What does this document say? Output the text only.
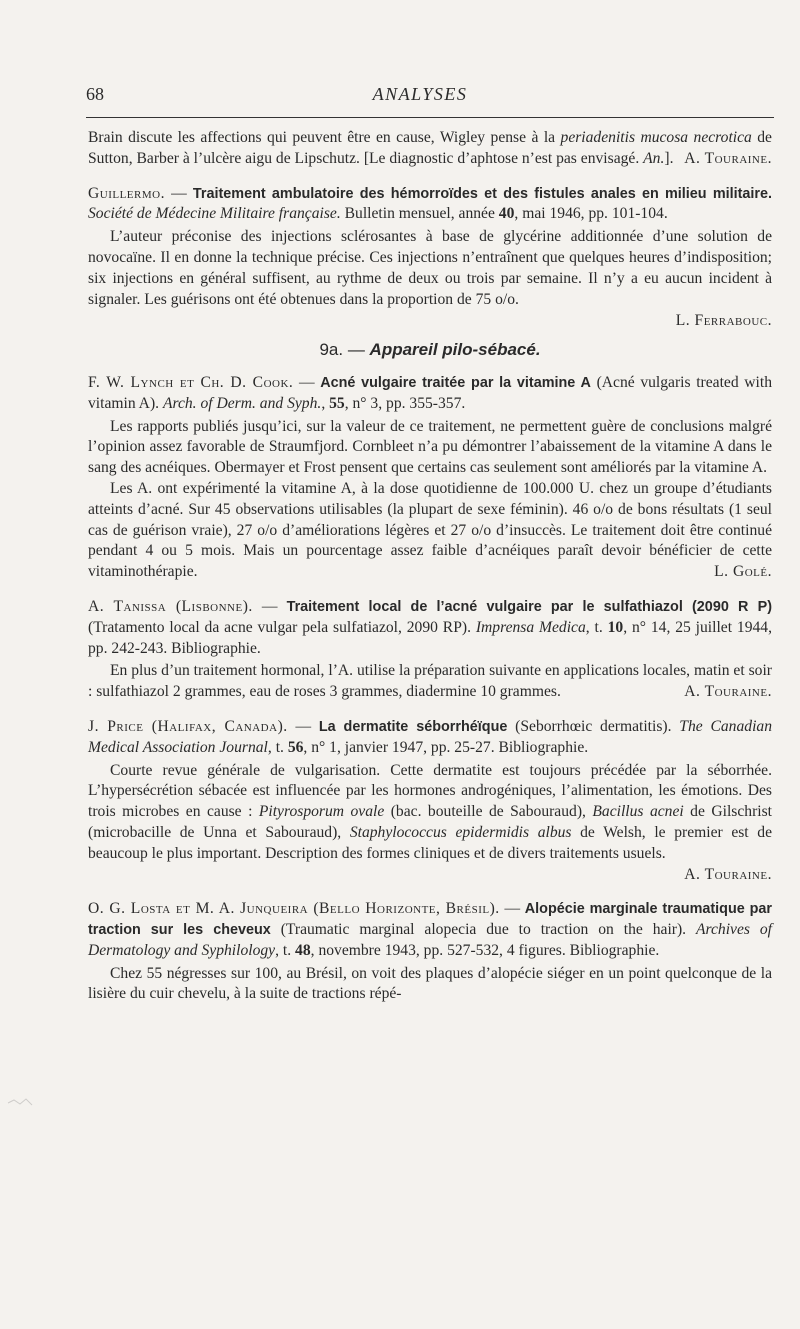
68	ANALYSES

Brain discute les affections qui peuvent être en cause, Wigley pense à la periadenitis mucosa necrotica de Sutton, Barber à l’ulcère aigu de Lipschutz. [Le diagnostic d’aphtose n’est pas envisagé. An.]. A. Touraine.

Guillermo. — Traitement ambulatoire des hémorroïdes et des fistules anales en milieu militaire. Société de Médecine Militaire française. Bulletin mensuel, année 40, mai 1946, pp. 101-104.

L’auteur préconise des injections sclérosantes à base de glycérine additionnée d’une solution de novocaïne. Il en donne la technique précise. Ces injections n’entraînent que quelques heures d’indisposition; six injections en général suffisent, au rythme de deux ou trois par semaine. Il n’y a eu aucun incident à signaler. Les guérisons ont été obtenues dans la proportion de 75 o/o.

L. Ferrabouc.
9a. — Appareil pilo-sébacé.

F. W. Lynch et Ch. D. Cook. — Acné vulgaire traitée par la vitamine A (Acné vulgaris treated with vitamin A). Arch. of Derm. and Syph., 55, n° 3, pp. 355-357.

Les rapports publiés jusqu’ici, sur la valeur de ce traitement, ne permettent guère de conclusions malgré l’opinion assez favorable de Straumfjord. Cornbleet n’a pu démontrer l’abaissement de la vitamine A dans le sang des acnéiques. Obermayer et Frost pensent que certains cas seulement sont améliorés par la vitamine A.

Les A. ont expérimenté la vitamine A, à la dose quotidienne de 100.000 U. chez un groupe d’étudiants atteints d’acné. Sur 45 observations utilisables (la plupart de sexe féminin). 46 o/o de bons résultats (1 seul cas de guérison vraie), 27 o/o d’améliorations légères et 27 o/o d’insuccès. Le traitement doit être continué pendant 4 ou 5 mois. Mais un pourcentage assez faible d’acnéiques paraît devoir bénéficier de cette vitaminothérapie.	L. Golé.

A. Tanissa (Lisbonne). — Traitement local de l’acné vulgaire par le sulfathiazol (2090 R P) (Tratamento local da acne vulgar pela sulfatiazol, 2090 RP). Imprensa Medica, t. 10, n° 14, 25 juillet 1944, pp. 242-243. Bibliographie.

En plus d’un traitement hormonal, l’A. utilise la préparation suivante en applications locales, matin et soir : sulfathiazol 2 grammes, eau de roses 3 grammes, diadermine 10 grammes.	A. Touraine.

J. Price (Halifax, Canada). — La dermatite séborrhéïque (Seborrhœic dermatitis). The Canadian Medical Association Journal, t. 56, n° 1, janvier 1947, pp. 25-27. Bibliographie.

Courte revue générale de vulgarisation. Cette dermatite est toujours précédée par la séborrhée. L’hypersécrétion sébacée est influencée par les hormones androgéniques, l’alimentation, les émotions. Des trois microbes en cause : Pityrosporum ovale (bac. bouteille de Sabouraud), Bacillus acnei de Gilschrist (microbacille de Unna et Sabouraud), Staphylococcus epidermidis albus de Welsh, le premier est de beaucoup le plus important. Description des formes cliniques et de divers traitements usuels.
A. Touraine.

O. G. Losta et M. A. Junqueira (Bello Horizonte, Brésil). — Alopécie marginale traumatique par traction sur les cheveux (Traumatic marginal alopecia due to traction on the hair). Archives of Dermatology and Syphilology, t. 48, novembre 1943, pp. 527-532, 4 figures. Bibliographie.

Chez 55 négresses sur 100, au Brésil, on voit des plaques d’alopécie siéger en un point quelconque de la lisière du cuir chevelu, à la suite de tractions répé-
